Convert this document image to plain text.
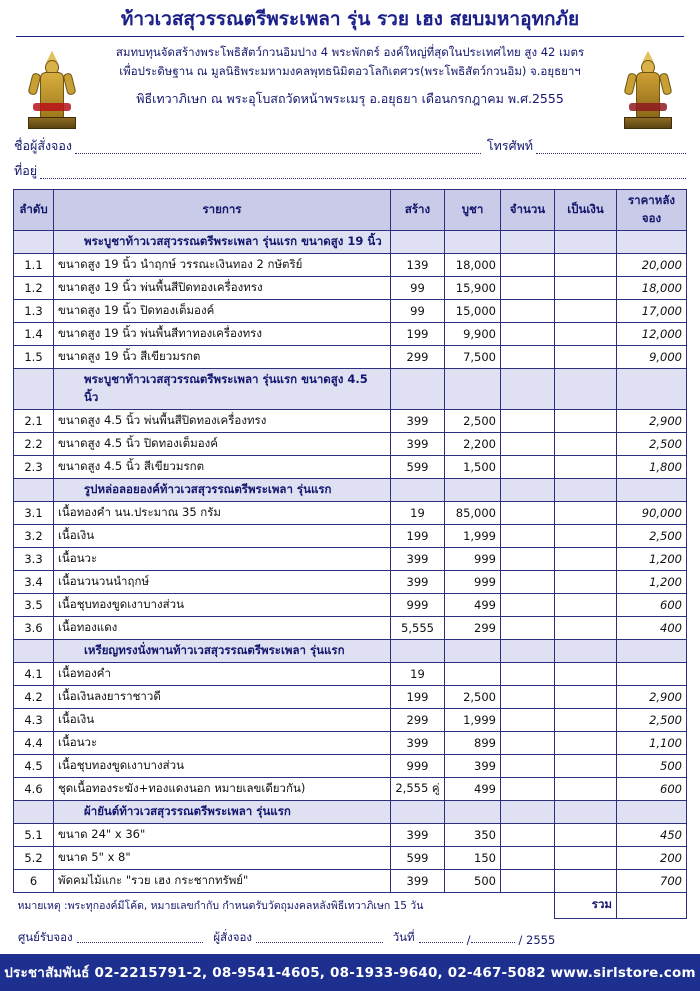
ท้าวเวสสุวรรณตรีพระเพลา รุ่น รวย เฮง สยบมหาอุทกภัย

สมทบทุนจัดสร้างพระโพธิสัตว์กวนอิมปาง 4 พระพักตร์ องค์ใหญ่ที่สุดในประเทศไทย สูง 42 เมตร

เพื่อประดิษฐาน ณ มูลนิธิพระมหามงคลพุทธนิมิตอวโลกิเตศวร(พระโพธิสัตว์กวนอิม) จ.อยุธยาฯ

พิธีเทวาภิเษก ณ พระอุโบสถวัดหน้าพระเมรุ อ.อยุธยา เดือนกรกฎาคม พ.ศ.2555

ชื่อผู้สั่งจอง	โทรศัพท์
ที่อยู่
ลำดับ	รายการ	สร้าง	บูชา	จำนวน	เป็นเงิน	ราคาหลังจอง
	พระบูชาท้าวเวสสุวรรณตรีพระเพลา รุ่นแรก ขนาดสูง 19 นิ้ว					
1.1	ขนาดสูง 19 นิ้ว นำฤกษ์ วรรณะเงินทอง 2 กษัตริย์	139	18,000			20,000
1.2	ขนาดสูง 19 นิ้ว พ่นพื้นสีปิดทองเครื่องทรง	99	15,900			18,000
1.3	ขนาดสูง 19 นิ้ว ปิดทองเต็มองค์	99	15,000			17,000
1.4	ขนาดสูง 19 นิ้ว พ่นพื้นสีทาทองเครื่องทรง	199	9,900			12,000
1.5	ขนาดสูง 19 นิ้ว สีเขียวมรกต	299	7,500			9,000
	พระบูชาท้าวเวสสุวรรณตรีพระเพลา รุ่นแรก ขนาดสูง 4.5 นิ้ว					
2.1	ขนาดสูง 4.5 นิ้ว พ่นพื้นสีปิดทองเครื่องทรง	399	2,500			2,900
2.2	ขนาดสูง 4.5 นิ้ว ปิดทองเต็มองค์	399	2,200			2,500
2.3	ขนาดสูง 4.5 นิ้ว สีเขียวมรกต	599	1,500			1,800
	รูปหล่อลอยองค์ท้าวเวสสุวรรณตรีพระเพลา รุ่นแรก					
3.1	เนื้อทองคำ นน.ประมาณ 35 กรัม	19	85,000			90,000
3.2	เนื้อเงิน	199	1,999			2,500
3.3	เนื้อนวะ	399	999			1,200
3.4	เนื้อนวนวนนำฤกษ์	399	999			1,200
3.5	เนื้อชุบทองขูดเงาบางส่วน	999	499			600
3.6	เนื้อทองแดง	5,555	299			400
	เหรียญทรงนั่งพานท้าวเวสสุวรรณตรีพระเพลา รุ่นแรก					
4.1	เนื้อทองคำ	19				
4.2	เนื้อเงินลงยาราชาวดี	199	2,500			2,900
4.3	เนื้อเงิน	299	1,999			2,500
4.4	เนื้อนวะ	399	899			1,100
4.5	เนื้อชุบทองขูดเงาบางส่วน	999	399			500
4.6	ชุดเนื้อทองระฆัง+ทองแดงนอก หมายเลขเดียวกัน)	2,555 คู่	499			600
	ผ้ายันต์ท้าวเวสสุวรรณตรีพระเพลา รุ่นแรก					
5.1	ขนาด 24" x 36"	399	350			450
5.2	ขนาด 5" x 8"	599	150			200
6	พัดคมไม้แกะ "รวย เฮง กระชากทรัพย์"	399	500			700
หมายเหตุ :พระทุกองค์มีโค้ด, หมายเลขกำกับ กำหนดรับวัตถุมงคลหลังพิธีเทวาภิเษก 15 วัน					รวม	
ศูนย์รับจอง	ผู้สั่งจอง	วันที่	/	/ 2555
ประชาสัมพันธ์ 02-2215791-2, 08-9541-4605, 08-1933-9640, 02-467-5082 www.sirlstore.com
